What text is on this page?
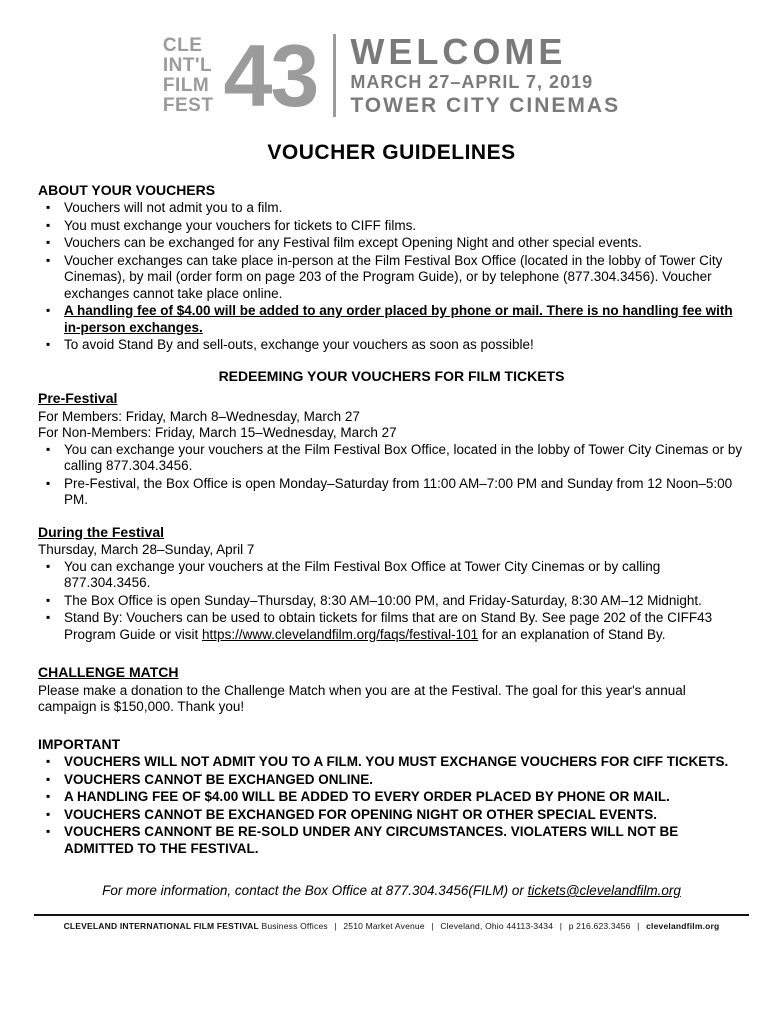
CLE
INT'L
FILM
FEST 43 WELCOME
MARCH 27–APRIL 7, 2019
TOWER CITY CINEMAS
VOUCHER GUIDELINES
ABOUT YOUR VOUCHERS
▪ Vouchers will not admit you to a film.
▪ You must exchange your vouchers for tickets to CIFF films.
▪ Vouchers can be exchanged for any Festival film except Opening Night and other special events.
▪ Voucher exchanges can take place in-person at the Film Festival Box Office (located in the lobby of Tower City Cinemas), by mail (order form on page 203 of the Program Guide), or by telephone (877.304.3456). Voucher exchanges cannot take place online.
▪ A handling fee of $4.00 will be added to any order placed by phone or mail. There is no handling fee with in-person exchanges.
▪ To avoid Stand By and sell-outs, exchange your vouchers as soon as possible!
REDEEMING YOUR VOUCHERS FOR FILM TICKETS
Pre-Festival
For Members: Friday, March 8–Wednesday, March 27
For Non-Members: Friday, March 15–Wednesday, March 27
▪ You can exchange your vouchers at the Film Festival Box Office, located in the lobby of Tower City Cinemas or by calling 877.304.3456.
▪ Pre-Festival, the Box Office is open Monday–Saturday from 11:00 AM–7:00 PM and Sunday from 12 Noon–5:00 PM.
During the Festival
Thursday, March 28–Sunday, April 7
▪ You can exchange your vouchers at the Film Festival Box Office at Tower City Cinemas or by calling 877.304.3456.
▪ The Box Office is open Sunday–Thursday, 8:30 AM–10:00 PM, and Friday-Saturday, 8:30 AM–12 Midnight.
▪ Stand By: Vouchers can be used to obtain tickets for films that are on Stand By. See page 202 of the CIFF43 Program Guide or visit https://www.clevelandfilm.org/faqs/festival-101 for an explanation of Stand By.
CHALLENGE MATCH
Please make a donation to the Challenge Match when you are at the Festival. The goal for this year's annual campaign is $150,000. Thank you!
IMPORTANT
▪ VOUCHERS WILL NOT ADMIT YOU TO A FILM. YOU MUST EXCHANGE VOUCHERS FOR CIFF TICKETS.
▪ VOUCHERS CANNOT BE EXCHANGED ONLINE.
▪ A HANDLING FEE OF $4.00 WILL BE ADDED TO EVERY ORDER PLACED BY PHONE OR MAIL.
▪ VOUCHERS CANNOT BE EXCHANGED FOR OPENING NIGHT OR OTHER SPECIAL EVENTS.
▪ VOUCHERS CANNONT BE RE-SOLD UNDER ANY CIRCUMSTANCES. VIOLATERS WILL NOT BE ADMITTED TO THE FESTIVAL.
For more information, contact the Box Office at 877.304.3456(FILM) or tickets@clevelandfilm.org
CLEVELAND INTERNATIONAL FILM FESTIVAL Business Offices | 2510 Market Avenue | Cleveland, Ohio 44113-3434 | p 216.623.3456 | clevelandfilm.org
